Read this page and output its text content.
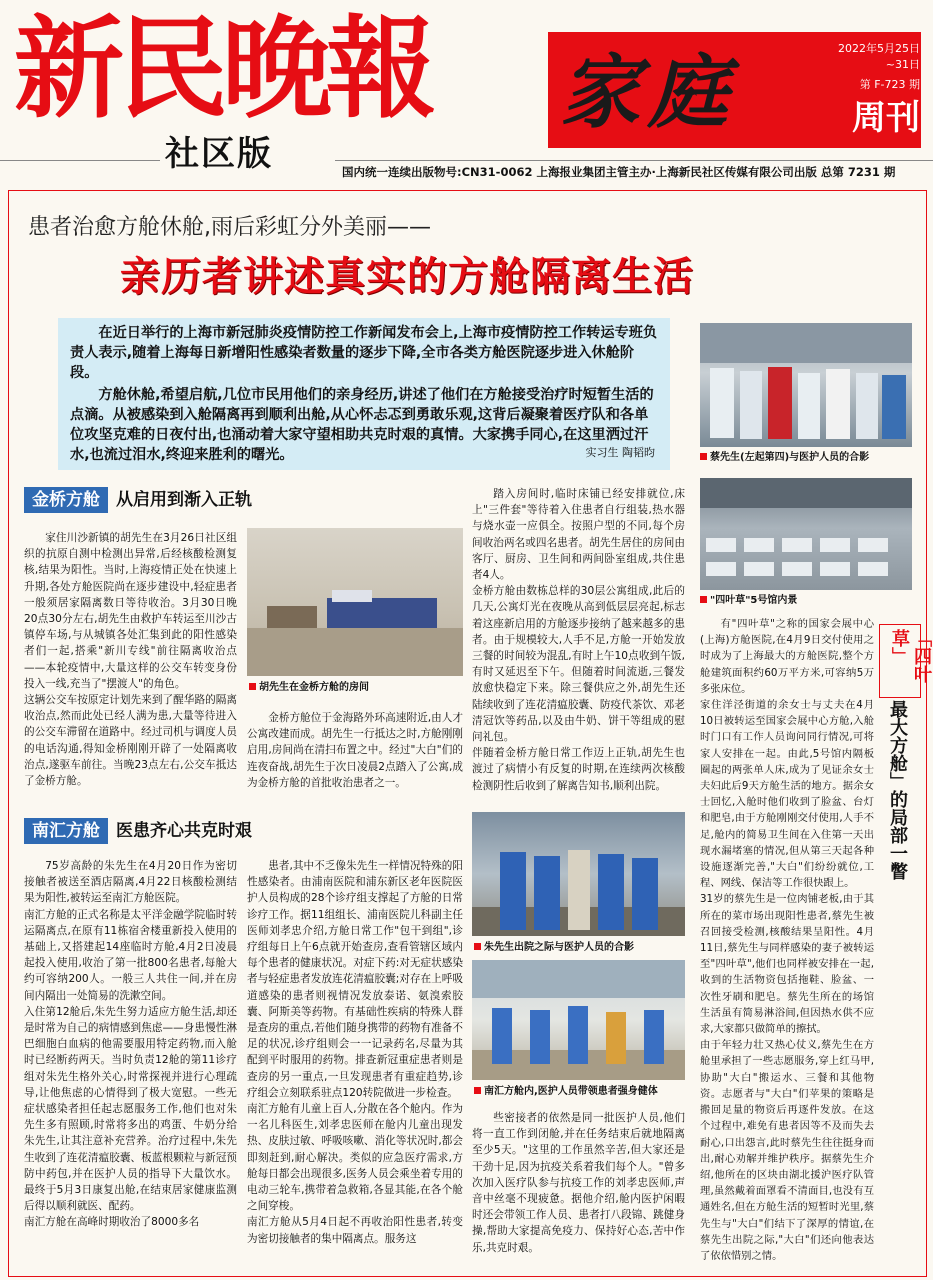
新民晚報
社区版
家庭	2022年5月25日~31日
第 F-723 期
周刊
国内统一连续出版物号:CN31-0062 上海报业集团主管主办·上海新民社区传媒有限公司出版 总第 7231 期
患者治愈方舱休舱,雨后彩虹分外美丽——
亲历者讲述真实的方舱隔离生活
在近日举行的上海市新冠肺炎疫情防控工作新闻发布会上,上海市疫情防控工作转运专班负责人表示,随着上海每日新增阳性感染者数量的逐步下降,全市各类方舱医院逐步进入休舱阶段。
方舱休舱,希望启航,几位市民用他们的亲身经历,讲述了他们在方舱接受治疗时短暂生活的点滴。从被感染到入舱隔离再到顺利出舱,从心怀忐忑到勇敢乐观,这背后凝聚着医疗队和各单位攻坚克难的日夜付出,也涌动着大家守望相助共克时艰的真情。大家携手同心,在这里洒过汗水,也流过泪水,终迎来胜利的曙光。	实习生 陶韬昀	蔡先生(左起第四)与医护人员的合影
"四叶草"5号馆内景
金桥方舱 从启用到渐入正轨
家住川沙新镇的胡先生在3月26日社区组织的抗原自测中检测出异常,后经核酸检测复核,结果为阳性。当时,上海疫情正处在快速上升期,各处方舱医院尚在逐步建设中,轻症患者一般须居家隔离数日等待收治。3月30日晚20点30分左右,胡先生由救护车转运至川沙古镇停车场,与从城镇各处汇集到此的阳性感染者们一起,搭乘"新川专线"前往隔离收治点——本轮疫情中,大量这样的公交车转变身份投入一线,充当了"摆渡人"的角色。
这辆公交车按原定计划先来到了醒华路的隔离收治点,然而此处已经人满为患,大量等待进入的公交车滞留在道路中。经过司机与调度人员的电话沟通,得知金桥刚刚开辟了一处隔离收治点,遂驱车前往。当晚23点左右,公交车抵达了金桥方舱。
胡先生在金桥方舱的房间
金桥方舱位于金海路外环高速附近,由人才公寓改建而成。胡先生一行抵达之时,方舱刚刚启用,房间尚在清扫布置之中。经过"大白"们的连夜奋战,胡先生于次日凌晨2点踏入了公寓,成为金桥方舱的首批收治患者之一。
踏入房间时,临时床铺已经安排就位,床上"三件套"等待着入住患者自行组装,热水器与烧水壶一应俱全。按照户型的不同,每个房间收治两名或四名患者。胡先生居住的房间由客厅、厨房、卫生间和两间卧室组成,共住患者4人。
金桥方舱由数栋总样的30层公寓组成,此后的几天,公寓灯光在夜晚从高到低层层亮起,标志着这座新启用的方舱逐步接纳了越来越多的患者。由于规模较大,人手不足,方舱一开始发放三餐的时间较为混乱,有时上午10点收到午饭,有时又延迟至下午。但随着时间流逝,三餐发放愈快稳定下来。除三餐供应之外,胡先生还陆续收到了连花清瘟胶囊、防疫代茶饮、邓老清冠饮等药品,以及由牛奶、饼干等组成的慰问礼包。
伴随着金桥方舱日常工作迈上正轨,胡先生也渡过了病情小有反复的时期,在连续两次核酸检测阴性后收到了解离告知书,顺利出院。
南汇方舱 医患齐心共克时艰
75岁高龄的朱先生在4月20日作为密切接触者被送至酒店隔离,4月22日核酸检测结果为阳性,被转运至南汇方舱医院。
南汇方舱的正式名称是太平洋金融学院临时转运隔离点,在原有11栋宿舍楼重新投入使用的基础上,又搭建起14座临时方舱,4月2日凌晨起投入使用,收治了第一批800名患者,每舱大约可容纳200人。一般三人共住一间,并在房间内隔出一处简易的洗漱空间。
入住第12舱后,朱先生努力适应方舱生活,却还是时常为自己的病情感到焦虑——身患慢性淋巴细胞白血病的他需要服用特定药物,而入舱时已经断药两天。当时负责12舱的第11诊疗组对朱先生格外关心,时常探视并进行心理疏导,让他焦虑的心情得到了极大宽慰。一些无症状感染者担任起志愿服务工作,他们也对朱先生多有照顾,时常将多出的鸡蛋、牛奶分给朱先生,让其注意补充营养。治疗过程中,朱先生收到了连花清瘟胶囊、板蓝根颗粒与新冠预防中药包,并在医护人员的指导下大量饮水。最终于5月3日康复出舱,在结束居家健康监测后得以顺利就医、配药。
南汇方舱在高峰时期收治了8000多名
患者,其中不乏像朱先生一样情况特殊的阳性感染者。由浦南医院和浦东新区老年医院医护人员构成的28个诊疗组支撑起了方舱的日常诊疗工作。据11组组长、浦南医院儿科副主任医师刘孝忠介绍,方舱日常工作"包干到组",诊疗组每日上午6点就开始查房,查看管辖区域内每个患者的健康状况。对症下药:对无症状感染者与轻症患者发放连花清瘟胶囊;对存在上呼吸道感染的患者则视情况发放泰诺、氨溴索胶囊、阿斯美等药物。有基础性疾病的特殊人群是查房的重点,若他们随身携带的药物有准备不足的状况,诊疗组则会一一记录药名,尽量为其配到平时服用的药物。排查新冠重症患者则是查房的另一重点,一旦发现患者有重症趋势,诊疗组会立刻联系驻点120转院做进一步检查。
南汇方舱有儿童上百人,分散在各个舱内。作为一名儿科医生,刘孝忠医师在舱内儿童出现发热、皮肤过敏、呼吸咳嗽、消化等状况时,都会即刻赶到,耐心解决。类似的应急医疗需求,方舱每日都会出现很多,医务人员会乘坐着专用的电动三轮车,携带着急救箱,各显其能,在各个舱之间穿梭。
南汇方舱从5月4日起不再收治阳性患者,转变为密切接触者的集中隔离点。服务这
朱先生出院之际与医护人员的合影
南汇方舱内,医护人员带领患者强身健体
些密接者的依然是同一批医护人员,他们将一直工作到闭舱,并在任务结束后就地隔离至少5天。"这里的工作虽然辛苦,但大家还是干劲十足,因为抗疫关系着我们每个人。"曾多次加入医疗队参与抗疫工作的刘孝忠医师,声音中丝毫不现疲惫。据他介绍,舱内医护闲暇时还会带领工作人员、患者打八段锦、跳健身操,帮助大家提高免疫力、保持好心态,苦中作乐,共克时艰。
「四叶草」
最大方舱」的局部一瞥
有"四叶草"之称的国家会展中心(上海)方舱医院,在4月9日交付使用之时成为了上海最大的方舱医院,整个方舱建筑面积约60万平方米,可容纳5万多张床位。
家住洋泾街道的余女士与丈夫在4月10日被转运至国家会展中心方舱,入舱时门口有工作人员询问同行情况,可将家人安排在一起。由此,5号馆内隔板圈起的两张单人床,成为了见证余女士夫妇此后9天方舱生活的地方。据余女士回忆,入舱时他们收到了脸盆、台灯和肥皂,由于方舱刚刚交付使用,人手不足,舱内的简易卫生间在入住第一天出现水漏堵塞的情况,但从第三天起各种设施逐渐完善,"大白"们纷纷就位,工程、网线、保洁等工作很快跟上。
31岁的蔡先生是一位肉铺老板,由于其所在的菜市场出现阳性患者,蔡先生被召回接受检测,核酸结果呈阳性。4月11日,蔡先生与同样感染的妻子被转运至"四叶草",他们也同样被安排在一起,收到的生活物资包括拖鞋、脸盆、一次性牙刷和肥皂。蔡先生所在的场馆生活虽有简易淋浴间,但因热水供不应求,大家都只做简单的擦拭。
由于年轻力壮又热心仗义,蔡先生在方舱里承担了一些志愿服务,穿上红马甲,协助"大白"搬运水、三餐和其他物资。志愿者与"大白"们苹果的策略是搬回足量的物资后再逐件发放。在这个过程中,难免有患者因等不及而失去耐心,口出怨言,此时蔡先生往往挺身而出,耐心劝解并维护秩序。据蔡先生介绍,他所在的区块由湖北援沪医疗队管理,虽然戴着面罩看不清面目,也没有互通姓名,但在方舱生活的短暂时光里,蔡先生与"大白"们结下了深厚的情谊,在蔡先生出院之际,"大白"们还向他表达了依依惜别之情。
